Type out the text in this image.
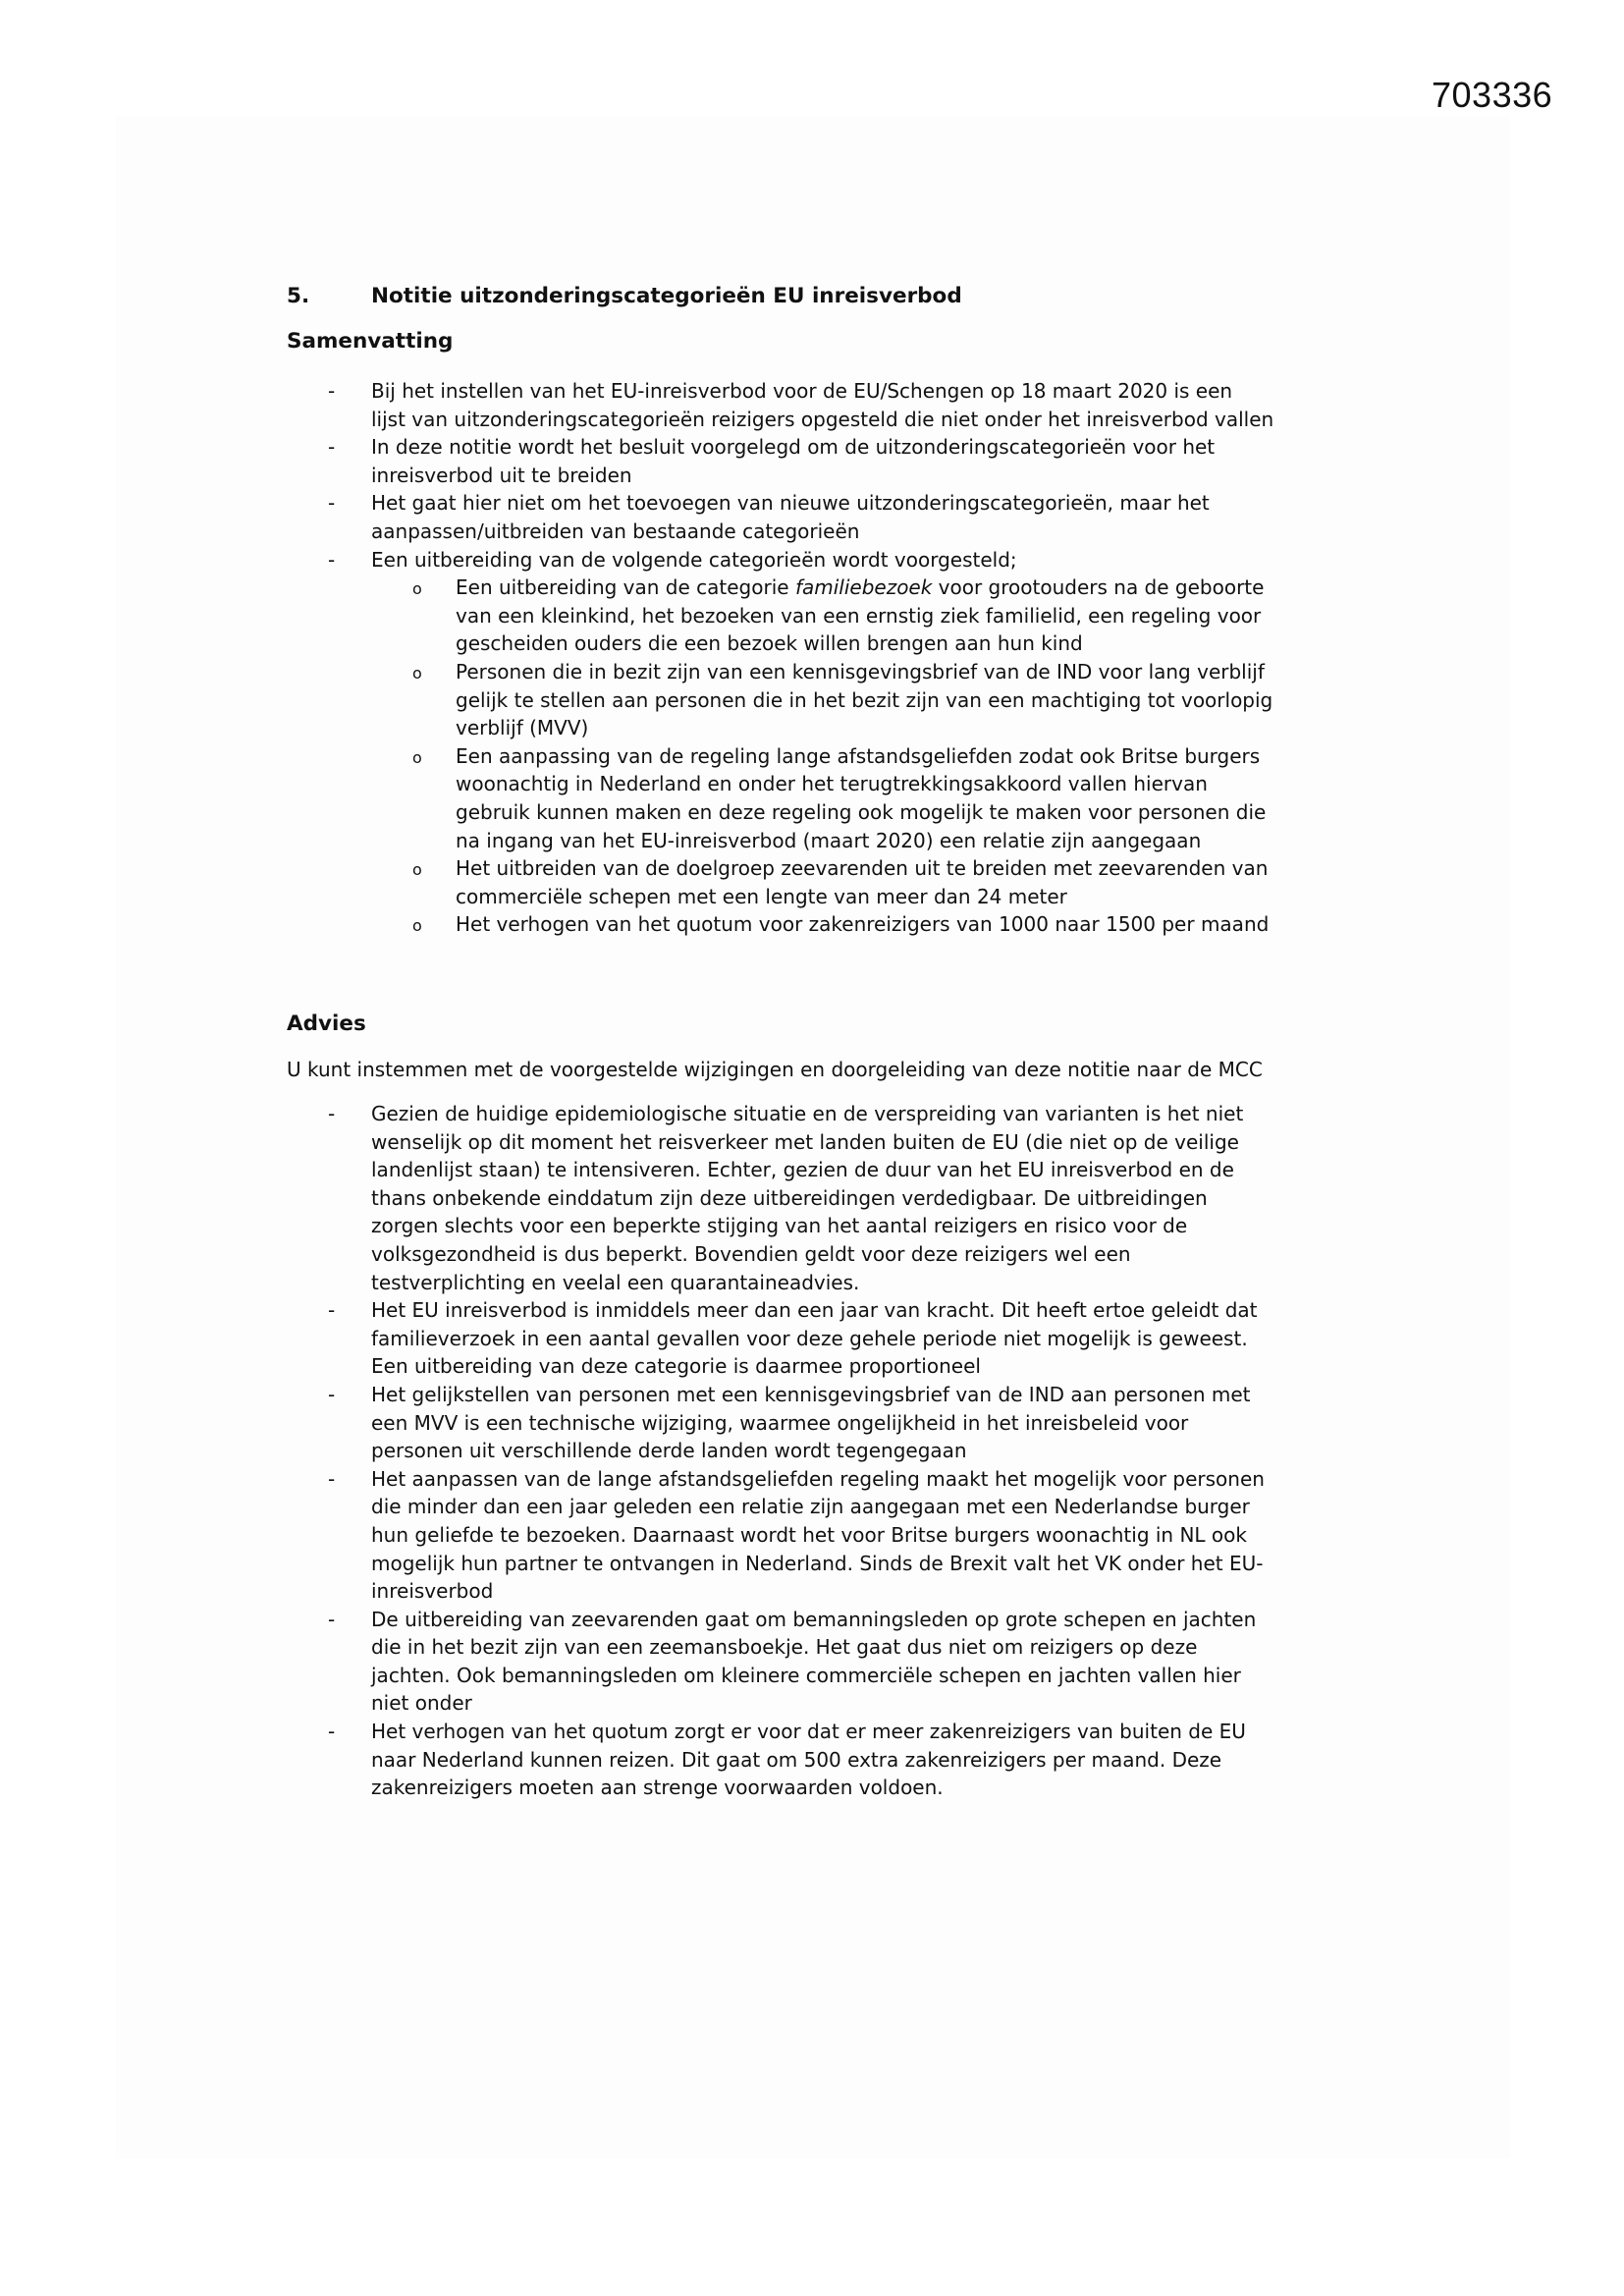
703336
5.	Notitie uitzonderingscategorieën EU inreisverbod
Samenvatting
- Bij het instellen van het EU-inreisverbod voor de EU/Schengen op 18 maart 2020 is een
lijst van uitzonderingscategorieën reizigers opgesteld die niet onder het inreisverbod vallen
- In deze notitie wordt het besluit voorgelegd om de uitzonderingscategorieën voor het
inreisverbod uit te breiden
- Het gaat hier niet om het toevoegen van nieuwe uitzonderingscategorieën, maar het
aanpassen/uitbreiden van bestaande categorieën
- Een uitbereiding van de volgende categorieën wordt voorgesteld;
o Een uitbereiding van de categorie familiebezoek voor grootouders na de geboorte
van een kleinkind, het bezoeken van een ernstig ziek familielid, een regeling voor
gescheiden ouders die een bezoek willen brengen aan hun kind
o Personen die in bezit zijn van een kennisgevingsbrief van de IND voor lang verblijf
gelijk te stellen aan personen die in het bezit zijn van een machtiging tot voorlopig
verblijf (MVV)
o Een aanpassing van de regeling lange afstandsgeliefden zodat ook Britse burgers
woonachtig in Nederland en onder het terugtrekkingsakkoord vallen hiervan
gebruik kunnen maken en deze regeling ook mogelijk te maken voor personen die
na ingang van het EU-inreisverbod (maart 2020) een relatie zijn aangegaan
o Het uitbreiden van de doelgroep zeevarenden uit te breiden met zeevarenden van
commerciële schepen met een lengte van meer dan 24 meter
o Het verhogen van het quotum voor zakenreizigers van 1000 naar 1500 per maand
Advies
U kunt instemmen met de voorgestelde wijzigingen en doorgeleiding van deze notitie naar de MCC
- Gezien de huidige epidemiologische situatie en de verspreiding van varianten is het niet
wenselijk op dit moment het reisverkeer met landen buiten de EU (die niet op de veilige
landenlijst staan) te intensiveren. Echter, gezien de duur van het EU inreisverbod en de
thans onbekende einddatum zijn deze uitbereidingen verdedigbaar. De uitbreidingen
zorgen slechts voor een beperkte stijging van het aantal reizigers en risico voor de
volksgezondheid is dus beperkt. Bovendien geldt voor deze reizigers wel een
testverplichting en veelal een quarantaineadvies.
- Het EU inreisverbod is inmiddels meer dan een jaar van kracht. Dit heeft ertoe geleidt dat
familieverzoek in een aantal gevallen voor deze gehele periode niet mogelijk is geweest.
Een uitbereiding van deze categorie is daarmee proportioneel
- Het gelijkstellen van personen met een kennisgevingsbrief van de IND aan personen met
een MVV is een technische wijziging, waarmee ongelijkheid in het inreisbeleid voor
personen uit verschillende derde landen wordt tegengegaan
- Het aanpassen van de lange afstandsgeliefden regeling maakt het mogelijk voor personen
die minder dan een jaar geleden een relatie zijn aangegaan met een Nederlandse burger
hun geliefde te bezoeken. Daarnaast wordt het voor Britse burgers woonachtig in NL ook
mogelijk hun partner te ontvangen in Nederland. Sinds de Brexit valt het VK onder het EU-
inreisverbod
- De uitbereiding van zeevarenden gaat om bemanningsleden op grote schepen en jachten
die in het bezit zijn van een zeemansboekje. Het gaat dus niet om reizigers op deze
jachten. Ook bemanningsleden om kleinere commerciële schepen en jachten vallen hier
niet onder
- Het verhogen van het quotum zorgt er voor dat er meer zakenreizigers van buiten de EU
naar Nederland kunnen reizen. Dit gaat om 500 extra zakenreizigers per maand. Deze
zakenreizigers moeten aan strenge voorwaarden voldoen.
